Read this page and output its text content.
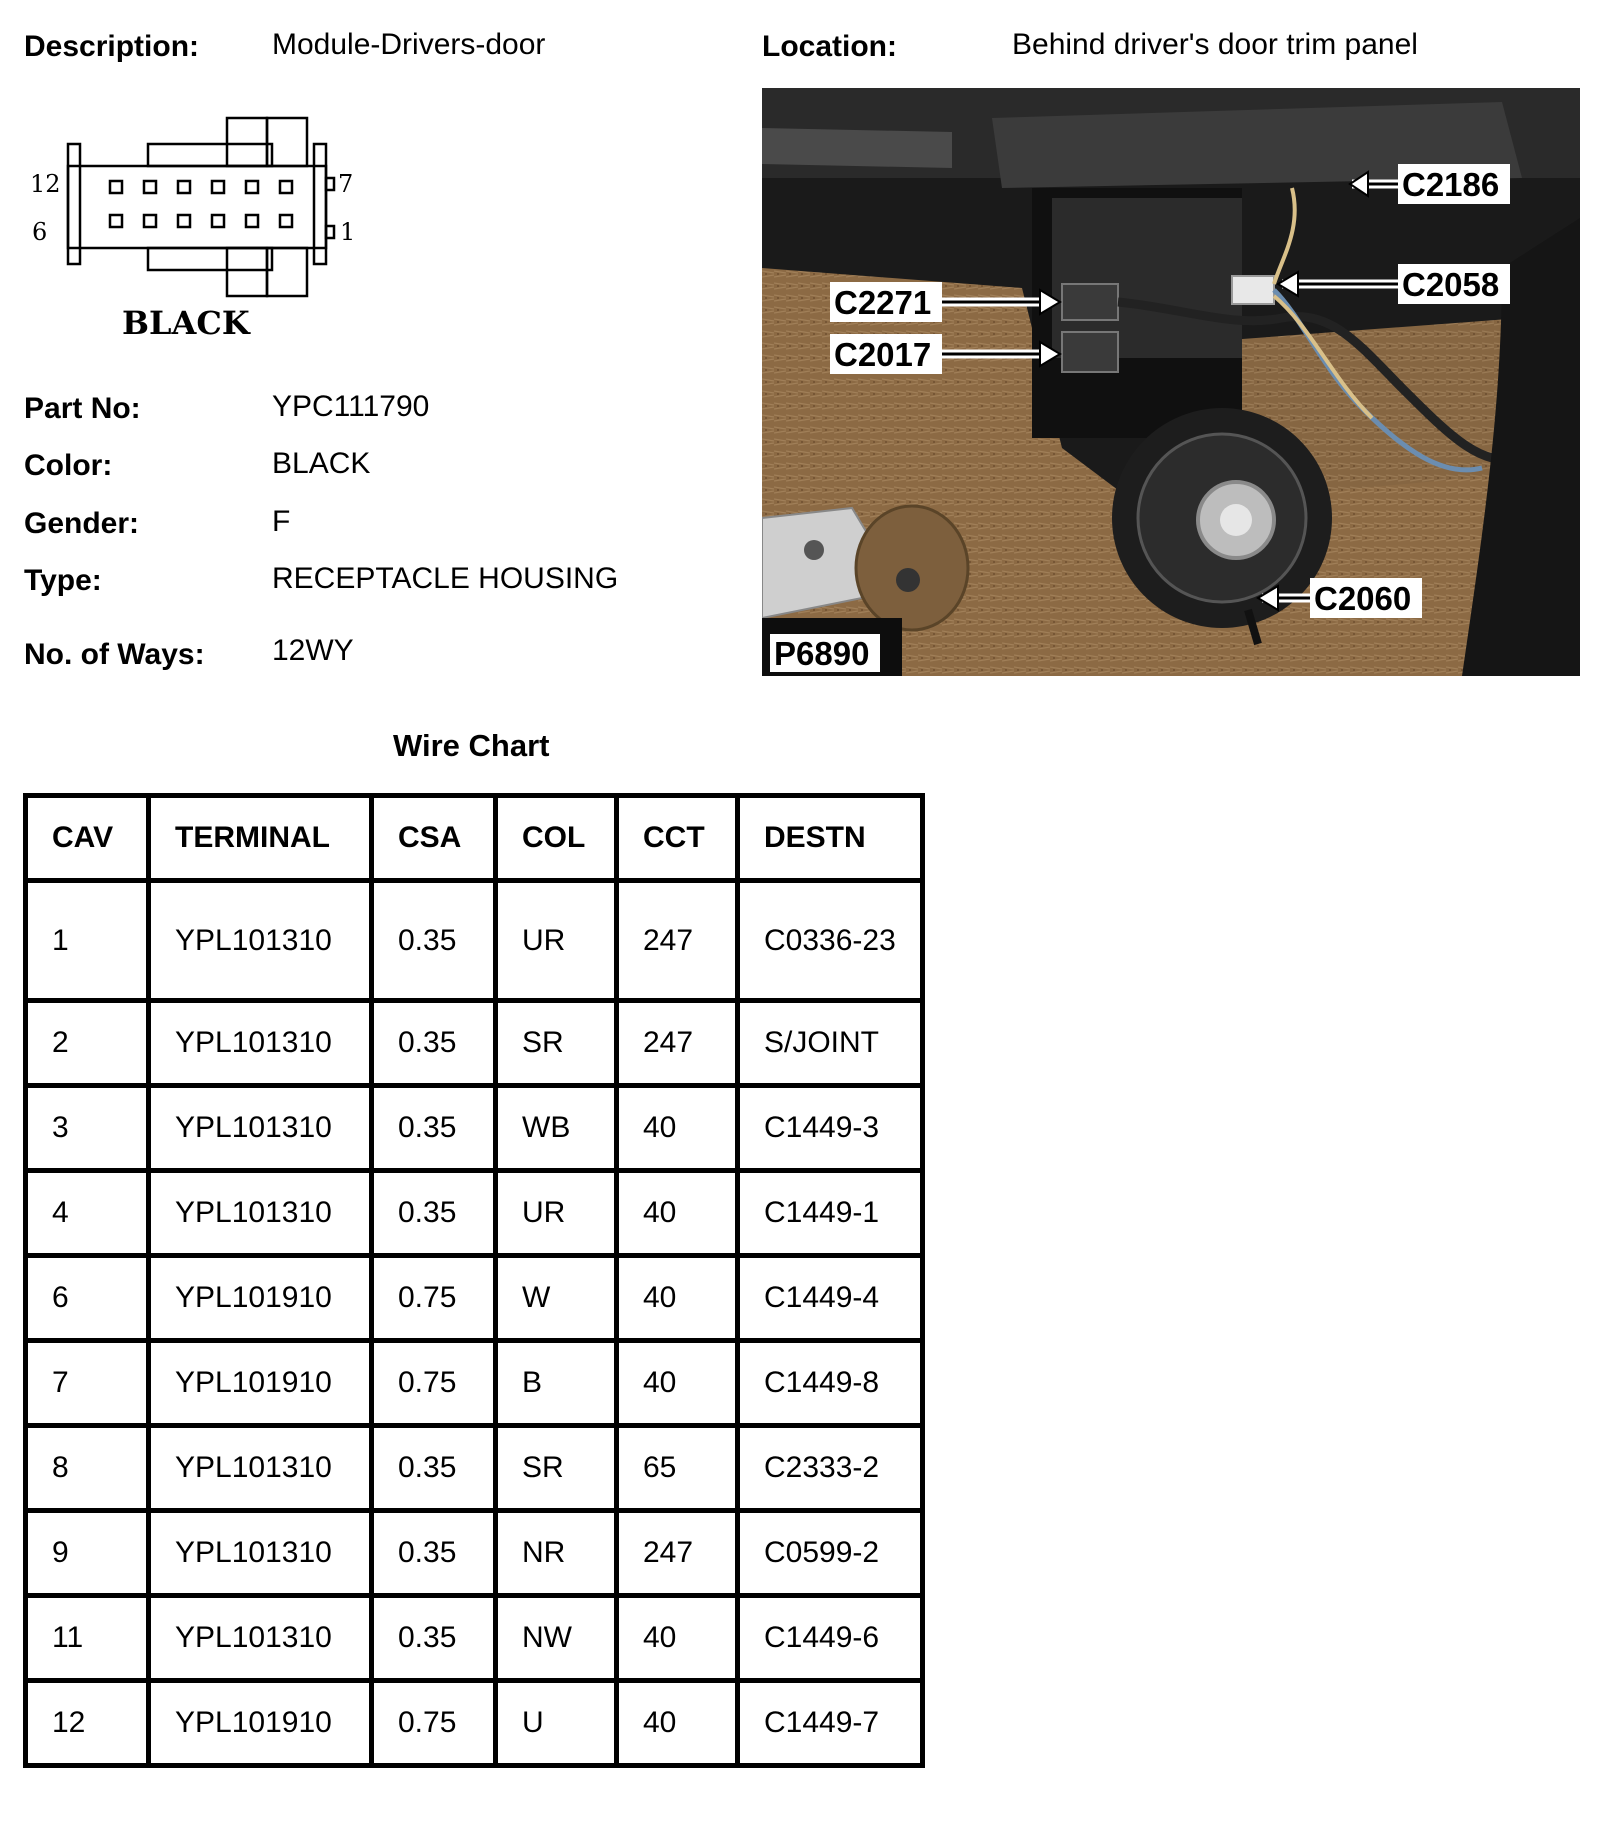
Description: Module-Drivers-door	Location:	Behind driver's door trim panel
12	7
6	1
BLACK
Part No:	YPC111790
Color:	BLACK
Gender:	F
Type:	RECEPTACLE HOUSING
No. of Ways: 12WY
C2186
C2058
C2271
C2017
C2060
P6890
Wire Chart
CAV	TERMINAL	CSA	COL	CCT	DESTN
1	YPL101310	0.35	UR	247	C0336-23
2	YPL101310	0.35	SR	247	S/JOINT
3	YPL101310	0.35	WB	40	C1449-3
4	YPL101310	0.35	UR	40	C1449-1
6	YPL101910	0.75	W	40	C1449-4
7	YPL101910	0.75	B	40	C1449-8
8	YPL101310	0.35	SR	65	C2333-2
9	YPL101310	0.35	NR	247	C0599-2
11	YPL101310	0.35	NW	40	C1449-6
12	YPL101910	0.75	U	40	C1449-7
